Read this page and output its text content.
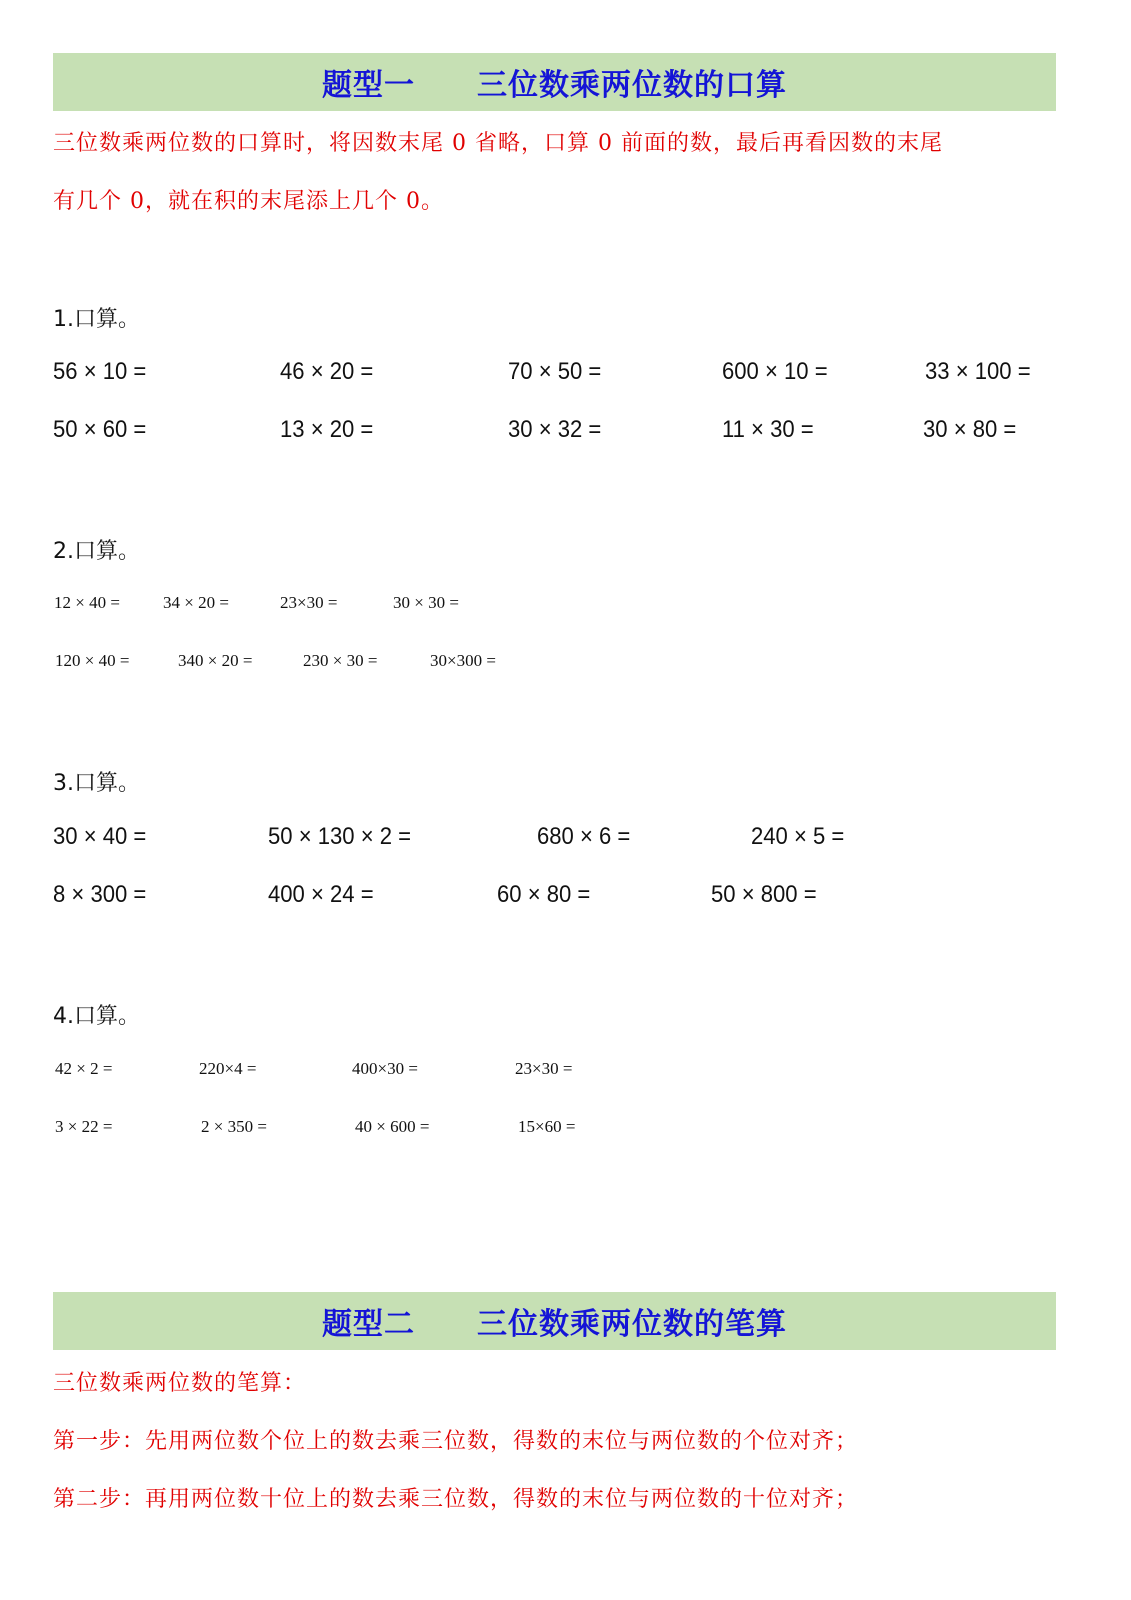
题型一　　三位数乘两位数的口算
三位数乘两位数的口算时，将因数末尾 0 省略，口算 0 前面的数，最后再看因数的末尾
有几个 0，就在积的末尾添上几个 0。
1.口算。
56 × 10 =	46 × 20 =	70 × 50 =	600 × 10 =	33 × 100 =
50 × 60 =	13 × 20 =	30 × 32 =	11 × 30 =	30 × 80 =
2.口算。
12 × 40 =	34 × 20 =	23×30 =	30 × 30 =
120 × 40 =	340 × 20 =	230 × 30 =	30×300 =
3.口算。
30 × 40 =	50 × 130 × 2 =	680 × 6 =	240 × 5 =
8 × 300 =	400 × 24 =	60 × 80 =	50 × 800 =
4.口算。
42 × 2 =	220×4 =	400×30 =	23×30 =
3 × 22 =	2 × 350 =	40 × 600 =	15×60 =
题型二　　三位数乘两位数的笔算
三位数乘两位数的笔算：
第一步：先用两位数个位上的数去乘三位数，得数的末位与两位数的个位对齐；
第二步：再用两位数十位上的数去乘三位数，得数的末位与两位数的十位对齐；
